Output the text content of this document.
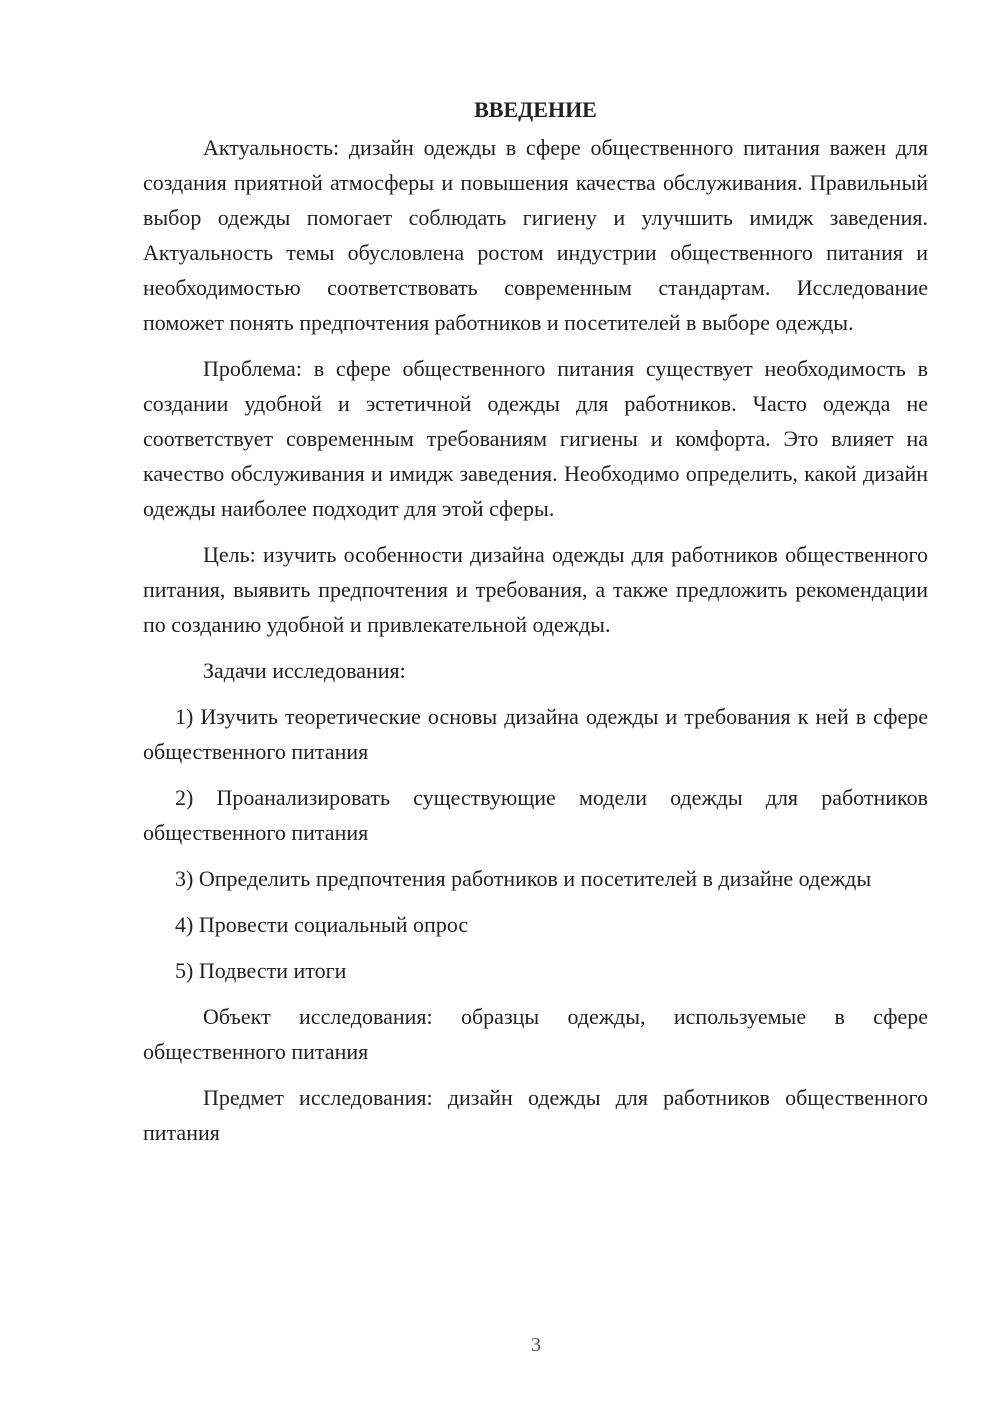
ВВЕДЕНИЕ

Актуальность: дизайн одежды в сфере общественного питания важен для создания приятной атмосферы и повышения качества обслуживания. Правильный выбор одежды помогает соблюдать гигиену и улучшить имидж заведения. Актуальность темы обусловлена ростом индустрии общественного питания и необходимостью соответствовать современным стандартам. Исследование поможет понять предпочтения работников и посетителей в выборе одежды.

Проблема: в сфере общественного питания существует необходимость в создании удобной и эстетичной одежды для работников. Часто одежда не соответствует современным требованиям гигиены и комфорта. Это влияет на качество обслуживания и имидж заведения. Необходимо определить, какой дизайн одежды наиболее подходит для этой сферы.

Цель: изучить особенности дизайна одежды для работников общественного питания, выявить предпочтения и требования, а также предложить рекомендации по созданию удобной и привлекательной одежды.

Задачи исследования:

1) Изучить теоретические основы дизайна одежды и требования к ней в сфере общественного питания

2) Проанализировать существующие модели одежды для работников общественного питания

3) Определить предпочтения работников и посетителей в дизайне одежды

4) Провести социальный опрос

5) Подвести итоги

Объект исследования: образцы одежды, используемые в сфере общественного питания

Предмет исследования: дизайн одежды для работников общественного питания

3
